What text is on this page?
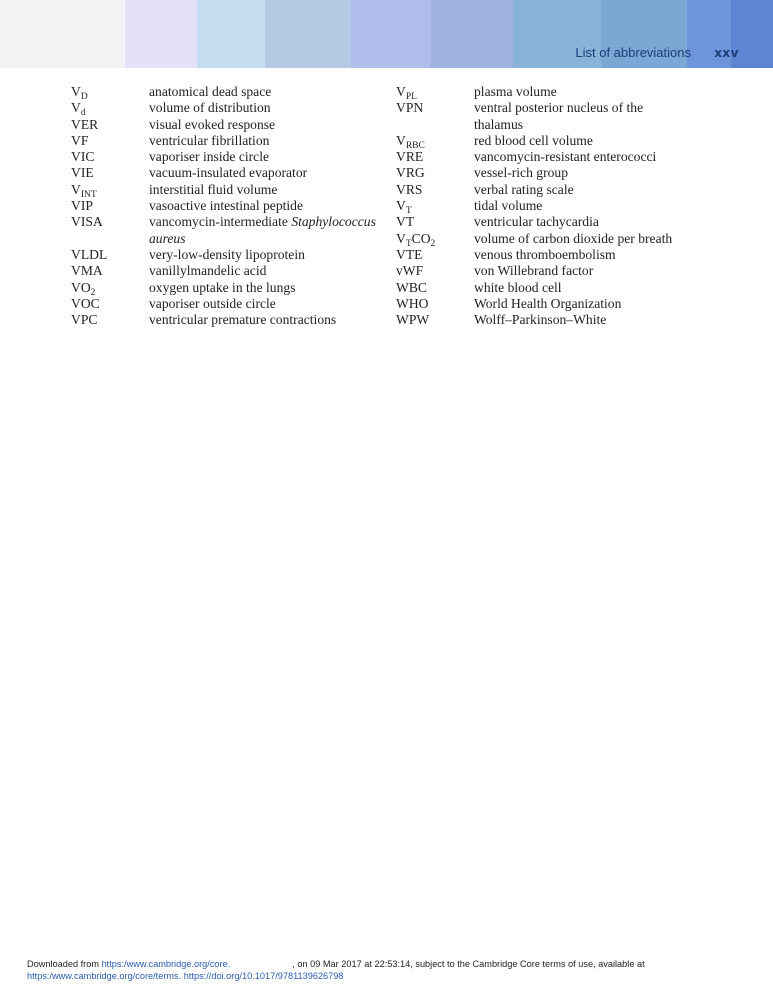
List of abbreviations xxv
$V_D$	anatomical dead space
$V_d$	volume of distribution
VER	visual evoked response
VF	ventricular fibrillation
VIC	vaporiser inside circle
VIE	vacuum-insulated evaporator
$V_{INT}$	interstitial fluid volume
VIP	vasoactive intestinal peptide
VISA	vancomycin-intermediate Staphylococcus
aureus
VLDL	very-low-density lipoprotein
VMA	vanillylmandelic acid
$VO_2$	oxygen uptake in the lungs
VOC	vaporiser outside circle
VPC	ventricular premature contractions
$V_{PL}$	plasma volume
VPN	ventral posterior nucleus of the
thalamus
$V_{RBC}$	red blood cell volume
VRE	vancomycin-resistant enterococci
VRG	vessel-rich group
VRS	verbal rating scale
$V_T$	tidal volume
VT	ventricular tachycardia
$V_TCO_2$	volume of carbon dioxide per breath
VTE	venous thromboembolism
vWF	von Willebrand factor
WBC	white blood cell
WHO	World Health Organization
WPW	Wolff–Parkinson–White
Downloaded from https:/www.cambridge.org/core.	, on 09 Mar 2017 at 22:53:14, subject to the Cambridge Core terms of use, available at
https:/www.cambridge.org/core/terms. https://doi.org/10.1017/9781139626798
